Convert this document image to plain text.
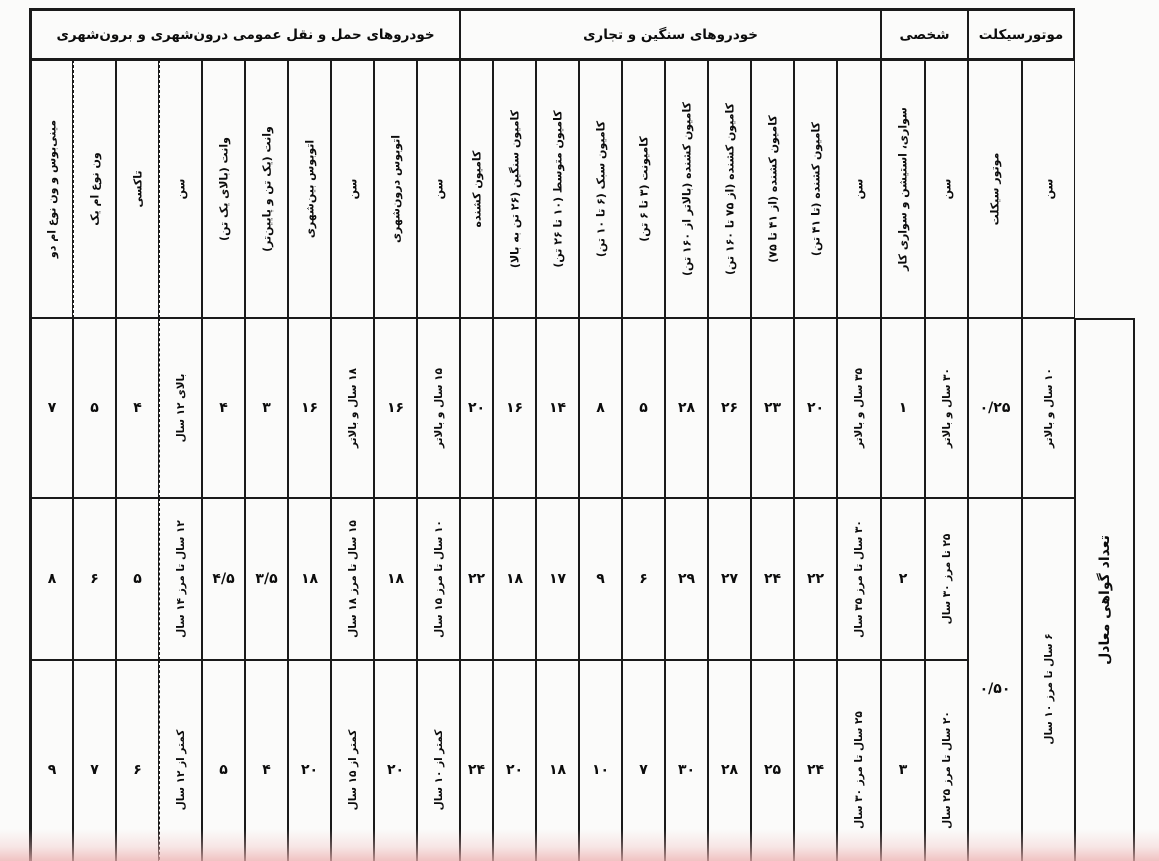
موتورسیکلت
شخصی
خودروهای سنگین و تجاری
خودروهای حمل و نقل عمومی درون‌شهری و برون‌شهری
سن
موتور سیکلت
سن
سواری، استیشن و سواری کار
سن
کامیون کشنده (تا ۴۱ تن)
کامیون کشنده (از ۴۱ تا ۷۵)
کامیون کشنده (از ۷۵ تا ۱۶۰ تن)
کامیون کشنده (بالاتر از ۱۶۰ تن)
کامیونت (۳ تا ۶ تن)
کامیون سبک (۶ تا ۱۰ تن)
کامیون متوسط (۱۰ تا ۲۶ تن)
کامیون سنگین (۲۶ تن به بالا)
کامیون کشنده
سن
اتوبوس درون‌شهری
سن
اتوبوس بین‌شهری
وانت (یک تن و پایین‌تر)
وانت (بالای یک تن)
سن
تاکسی
ون نوع ام یک
مینی‌بوس و ون نوع ام دو
تعداد گواهی معادل
۱۰ سال و بالاتر
۰/۲۵
۳۰ سال و بالاتر
۱
۳۵ سال و بالاتر
۲۰
۲۳
۲۶
۲۸
۵
۸
۱۴
۱۶
۲۰
۱۵ سال و بالاتر
۱۶
۱۸ سال و بالاتر
۱۶
۳
۴
بالای ۱۲ سال
۴
۵
۷
۶ سال تا مرز ۱۰ سال
۰/۵۰
۲۵ تا مرز ۳۰ سال
۲
۳۰ سال تا مرز ۳۵ سال
۲۲
۲۴
۲۷
۲۹
۶
۹
۱۷
۱۸
۲۲
۱۰ سال تا مرز ۱۵ سال
۱۸
۱۵ سال تا مرز ۱۸ سال
۱۸
۳/۵
۴/۵
۱۲ سال تا مرز ۱۴ سال
۵
۶
۸
۲۰ سال تا مرز ۲۵ سال
۳
۲۵ سال تا مرز ۳۰ سال
۲۴
۲۵
۲۸
۳۰
۷
۱۰
۱۸
۲۰
۲۴
کمتر از ۱۰ سال
۲۰
کمتر از ۱۵ سال
۲۰
۴
۵
کمتر از ۱۲ سال
۶
۷
۹
